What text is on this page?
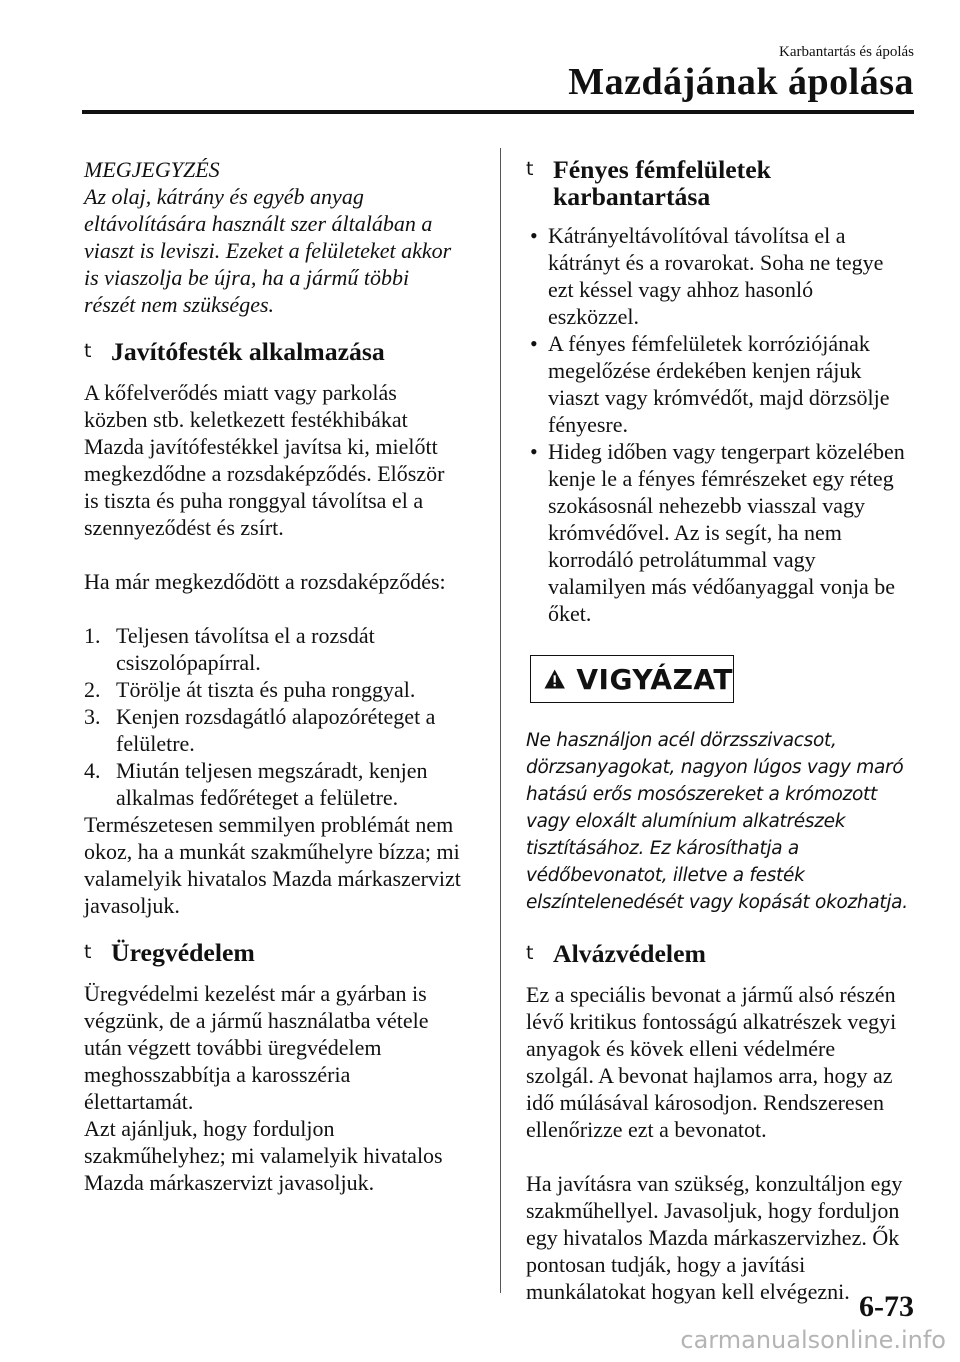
Karbantartás és ápolás
Mazdájának ápolása
MEGJEGYZÉS
Az olaj, kátrány és egyéb anyag
eltávolítására használt szer általában a
viaszt is leviszi. Ezeket a felületeket akkor
is viaszolja be újra, ha a jármű többi
részét nem szükséges.
t Javítófesték alkalmazása
A kőfelverődés miatt vagy parkolás
közben stb. keletkezett festékhibákat
Mazda javítófestékkel javítsa ki, mielőtt
megkezdődne a rozsdaképződés. Először
is tiszta és puha ronggyal távolítsa el a
szennyeződést és zsírt.

Ha már megkezdődött a rozsdaképződés:

1. Teljesen távolítsa el a rozsdát
csiszolópapírral.
2. Törölje át tiszta és puha ronggyal.
3. Kenjen rozsdagátló alapozóréteget a
felületre.
4. Miután teljesen megszáradt, kenjen
alkalmas fedőréteget a felületre.
Természetesen semmilyen problémát nem
okoz, ha a munkát szakműhelyre bízza; mi
valamelyik hivatalos Mazda márkaszervizt
javasoljuk.
t Üregvédelem
Üregvédelmi kezelést már a gyárban is
végzünk, de a jármű használatba vétele
után végzett további üregvédelem
meghosszabbítja a karosszéria
élettartamát.
Azt ajánljuk, hogy forduljon
szakműhelyhez; mi valamelyik hivatalos
Mazda márkaszervizt javasoljuk.
t Fényes fémfelületek karbantartása
• Kátrányeltávolítóval távolítsa el a
kátrányt és a rovarokat. Soha ne tegye
ezt késsel vagy ahhoz hasonló
eszközzel.
• A fényes fémfelületek korróziójának
megelőzése érdekében kenjen rájuk
viaszt vagy krómvédőt, majd dörzsölje
fényesre.
• Hideg időben vagy tengerpart közelében
kenje le a fényes fémrészeket egy réteg
szokásosnál nehezebb viasszal vagy
krómvédővel. Az is segít, ha nem
korrodáló petrolátummal vagy
valamilyen más védőanyaggal vonja be
őket.
VIGYÁZAT
Ne használjon acél dörzsszivacsot,
dörzsanyagokat, nagyon lúgos vagy maró
hatású erős mosószereket a krómozott
vagy eloxált alumínium alkatrészek
tisztításához. Ez károsíthatja a
védőbevonatot, illetve a festék
elszíntelenedését vagy kopását okozhatja.
t Alvázvédelem
Ez a speciális bevonat a jármű alsó részén
lévő kritikus fontosságú alkatrészek vegyi
anyagok és kövek elleni védelmére
szolgál. A bevonat hajlamos arra, hogy az
idő múlásával károsodjon. Rendszeresen
ellenőrizze ezt a bevonatot.
Ha javításra van szükség, konzultáljon egy
szakműhellyel. Javasoljuk, hogy forduljon
egy hivatalos Mazda márkaszervizhez. Ők
pontosan tudják, hogy a javítási
munkálatokat hogyan kell elvégezni. 6-73
carmanualsonline.info
